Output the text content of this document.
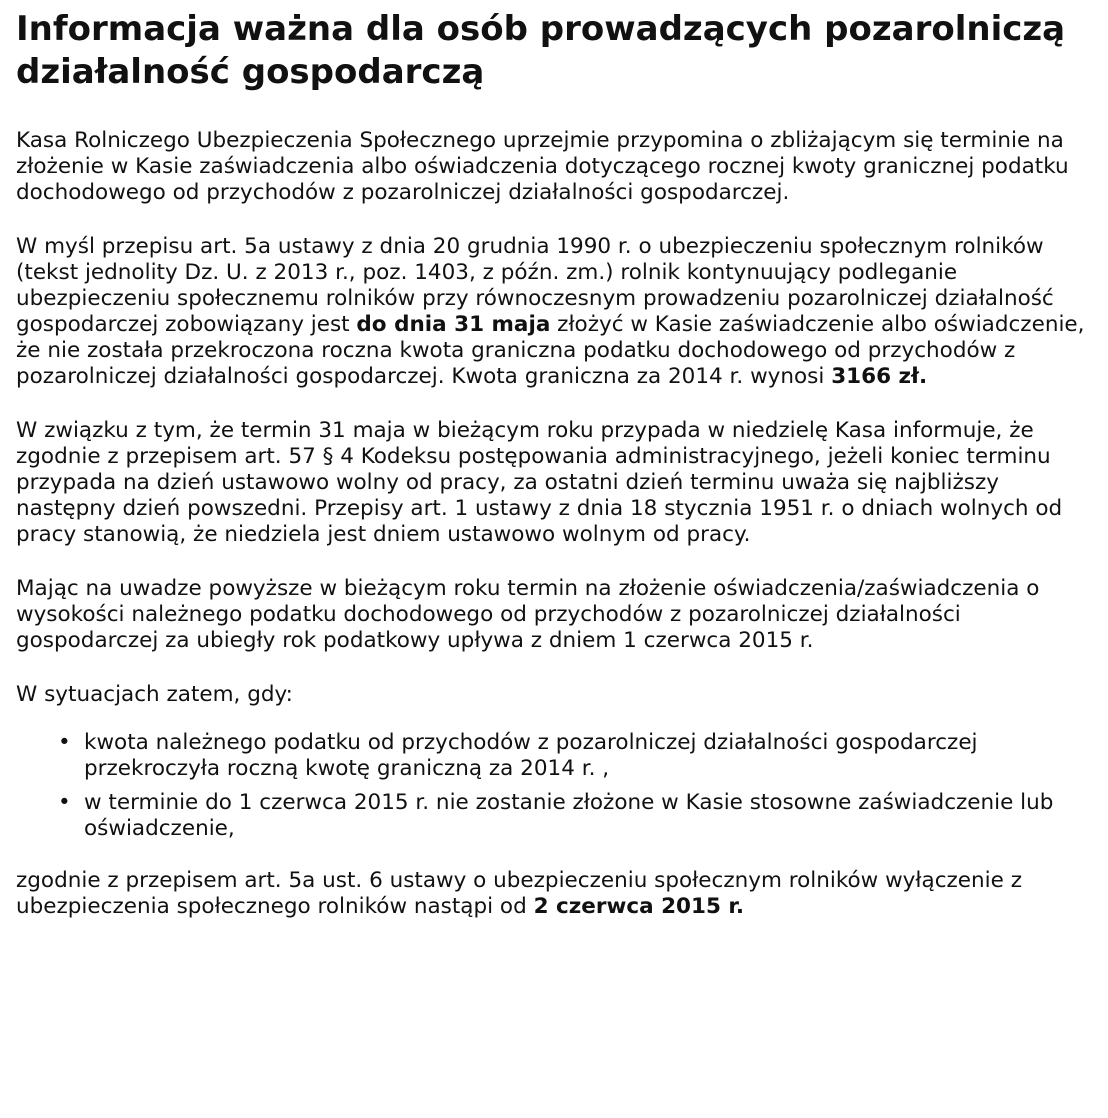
Informacja ważna dla osób prowadzących pozarolniczą działalność gospodarczą

Kasa Rolniczego Ubezpieczenia Społecznego uprzejmie przypomina o zbliżającym się terminie na złożenie w Kasie zaświadczenia albo oświadczenia dotyczącego rocznej kwoty granicznej podatku dochodowego od przychodów z pozarolniczej działalności gospodarczej.

W myśl przepisu art. 5a ustawy z dnia 20 grudnia 1990 r. o ubezpieczeniu społecznym rolników (tekst jednolity Dz. U. z 2013 r., poz. 1403, z późn. zm.) rolnik kontynuujący podleganie ubezpieczeniu społecznemu rolników przy równoczesnym prowadzeniu pozarolniczej działalność gospodarczej zobowiązany jest do dnia 31 maja złożyć w Kasie zaświadczenie albo oświadczenie, że nie została przekroczona roczna kwota graniczna podatku dochodowego od przychodów z pozarolniczej działalności gospodarczej. Kwota graniczna za 2014 r. wynosi 3166 zł.

W związku z tym, że termin 31 maja w bieżącym roku przypada w niedzielę Kasa informuje, że zgodnie z przepisem art. 57 § 4 Kodeksu postępowania administracyjnego, jeżeli koniec terminu przypada na dzień ustawowo wolny od pracy, za ostatni dzień terminu uważa się najbliższy następny dzień powszedni. Przepisy art. 1 ustawy z dnia 18 stycznia 1951 r. o dniach wolnych od pracy stanowią, że niedziela jest dniem ustawowo wolnym od pracy.

Mając na uwadze powyższe w bieżącym roku termin na złożenie oświadczenia/zaświadczenia o wysokości należnego podatku dochodowego od przychodów z pozarolniczej działalności gospodarczej za ubiegły rok podatkowy upływa z dniem 1 czerwca 2015 r.

W sytuacjach zatem, gdy:

• kwota należnego podatku od przychodów z pozarolniczej działalności gospodarczej przekroczyła roczną kwotę graniczną za 2014 r. ,
• w terminie do 1 czerwca 2015 r. nie zostanie złożone w Kasie stosowne zaświadczenie lub oświadczenie,

zgodnie z przepisem art. 5a ust. 6 ustawy o ubezpieczeniu społecznym rolników wyłączenie z ubezpieczenia społecznego rolników nastąpi od 2 czerwca 2015 r.
